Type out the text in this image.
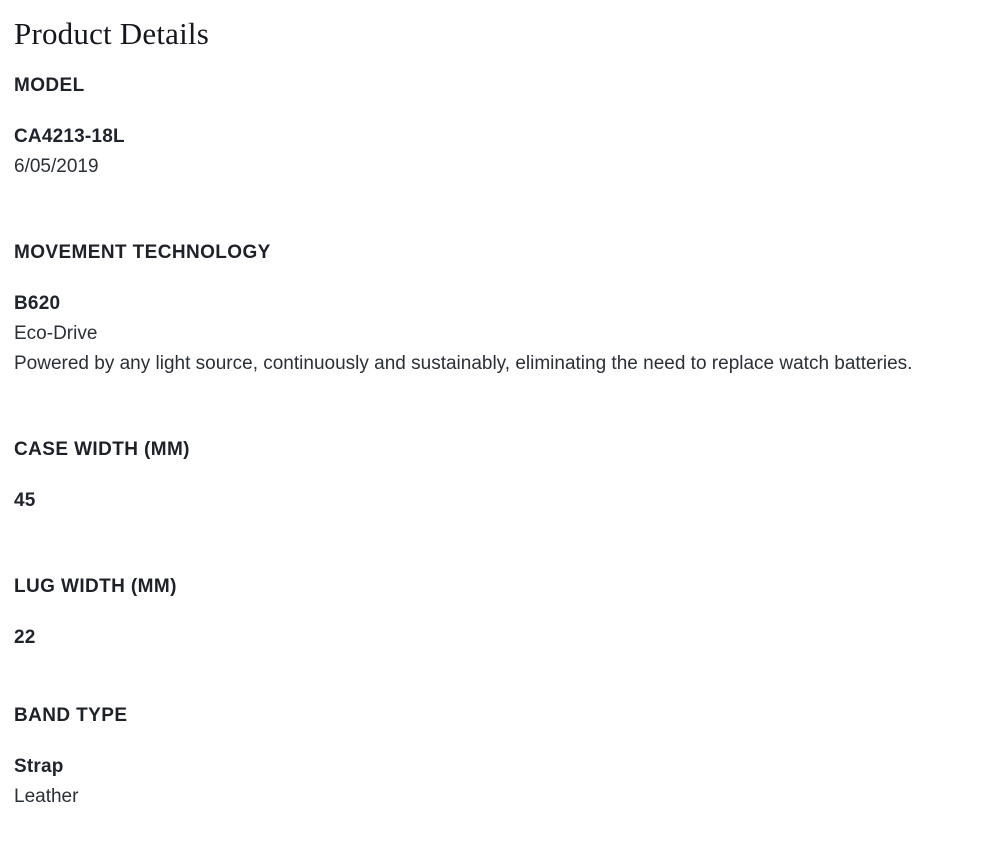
Product Details
MODEL

CA4213-18L

6/05/2019

MOVEMENT TECHNOLOGY

B620

Eco-Drive

Powered by any light source, continuously and sustainably, eliminating the need to replace watch batteries.

CASE WIDTH (MM)

45

LUG WIDTH (MM)

22

BAND TYPE

Strap

Leather
